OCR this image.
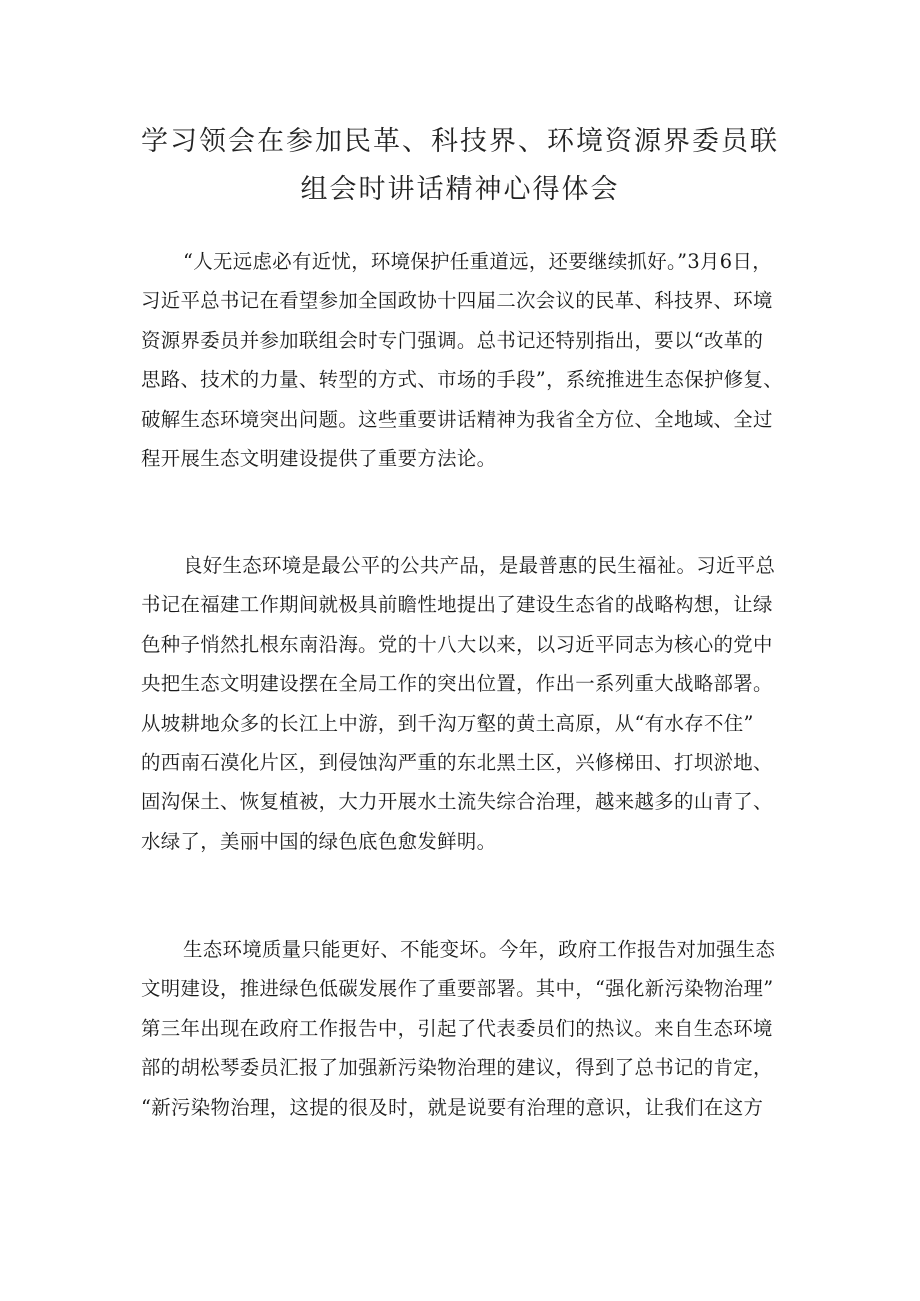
学习领会在参加民革、科技界、环境资源界委员联
组会时讲话精神心得体会

“人无远虑必有近忧，环境保护任重道远，还要继续抓好。”3月6日，
习近平总书记在看望参加全国政协十四届二次会议的民革、科技界、环境
资源界委员并参加联组会时专门强调。总书记还特别指出，要以“改革的
思路、技术的力量、转型的方式、市场的手段”，系统推进生态保护修复、
破解生态环境突出问题。这些重要讲话精神为我省全方位、全地域、全过
程开展生态文明建设提供了重要方法论。

良好生态环境是最公平的公共产品，是最普惠的民生福祉。习近平总
书记在福建工作期间就极具前瞻性地提出了建设生态省的战略构想，让绿
色种子悄然扎根东南沿海。党的十八大以来，以习近平同志为核心的党中
央把生态文明建设摆在全局工作的突出位置，作出一系列重大战略部署。
从坡耕地众多的长江上中游，到千沟万壑的黄土高原，从“有水存不住”
的西南石漠化片区，到侵蚀沟严重的东北黑土区，兴修梯田、打坝淤地、
固沟保土、恢复植被，大力开展水土流失综合治理，越来越多的山青了、
水绿了，美丽中国的绿色底色愈发鲜明。

生态环境质量只能更好、不能变坏。今年，政府工作报告对加强生态
文明建设，推进绿色低碳发展作了重要部署。其中，“强化新污染物治理”
第三年出现在政府工作报告中，引起了代表委员们的热议。来自生态环境
部的胡松琴委员汇报了加强新污染物治理的建议，得到了总书记的肯定，
“新污染物治理，这提的很及时，就是说要有治理的意识，让我们在这方
